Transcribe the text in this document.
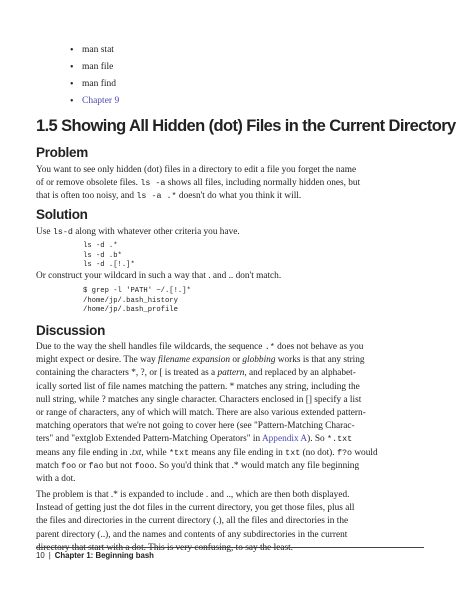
• man stat
• man file
• man find
• Chapter 9
1.5 Showing All Hidden (dot) Files in the Current Directory
Problem
You want to see only hidden (dot) files in a directory to edit a file you forget the name
of or remove obsolete files. ls -a shows all files, including normally hidden ones, but
that is often too noisy, and ls -a .* doesn't do what you think it will.
Solution
Use ls-d along with whatever other criteria you have.
ls -d .*
ls -d .b*
ls -d .[!.]*
Or construct your wildcard in such a way that . and .. don't match.
$ grep -l 'PATH' ~/.[!.]*
/home/jp/.bash_history
/home/jp/.bash_profile
Discussion
Due to the way the shell handles file wildcards, the sequence .* does not behave as you
might expect or desire. The way filename expansion or globbing works is that any string
containing the characters *, ?, or [ is treated as a pattern, and replaced by an alphabet-
ically sorted list of file names matching the pattern. * matches any string, including the
null string, while ? matches any single character. Characters enclosed in [] specify a list
or range of characters, any of which will match. There are also various extended pattern-
matching operators that we're not going to cover here (see "Pattern-Matching Charac-
ters" and "extglob Extended Pattern-Matching Operators" in Appendix A). So *.txt
means any file ending in .txt, while *txt means any file ending in txt (no dot). f?o would
match foo or fao but not fooo. So you'd think that .* would match any file beginning
with a dot.
The problem is that .* is expanded to include . and .., which are then both displayed.
Instead of getting just the dot files in the current directory, you get those files, plus all
the files and directories in the current directory (.), all the files and directories in the
parent directory (..), and the names and contents of any subdirectories in the current
directory that start with a dot. This is very confusing, to say the least.
10 | Chapter 1: Beginning bash
